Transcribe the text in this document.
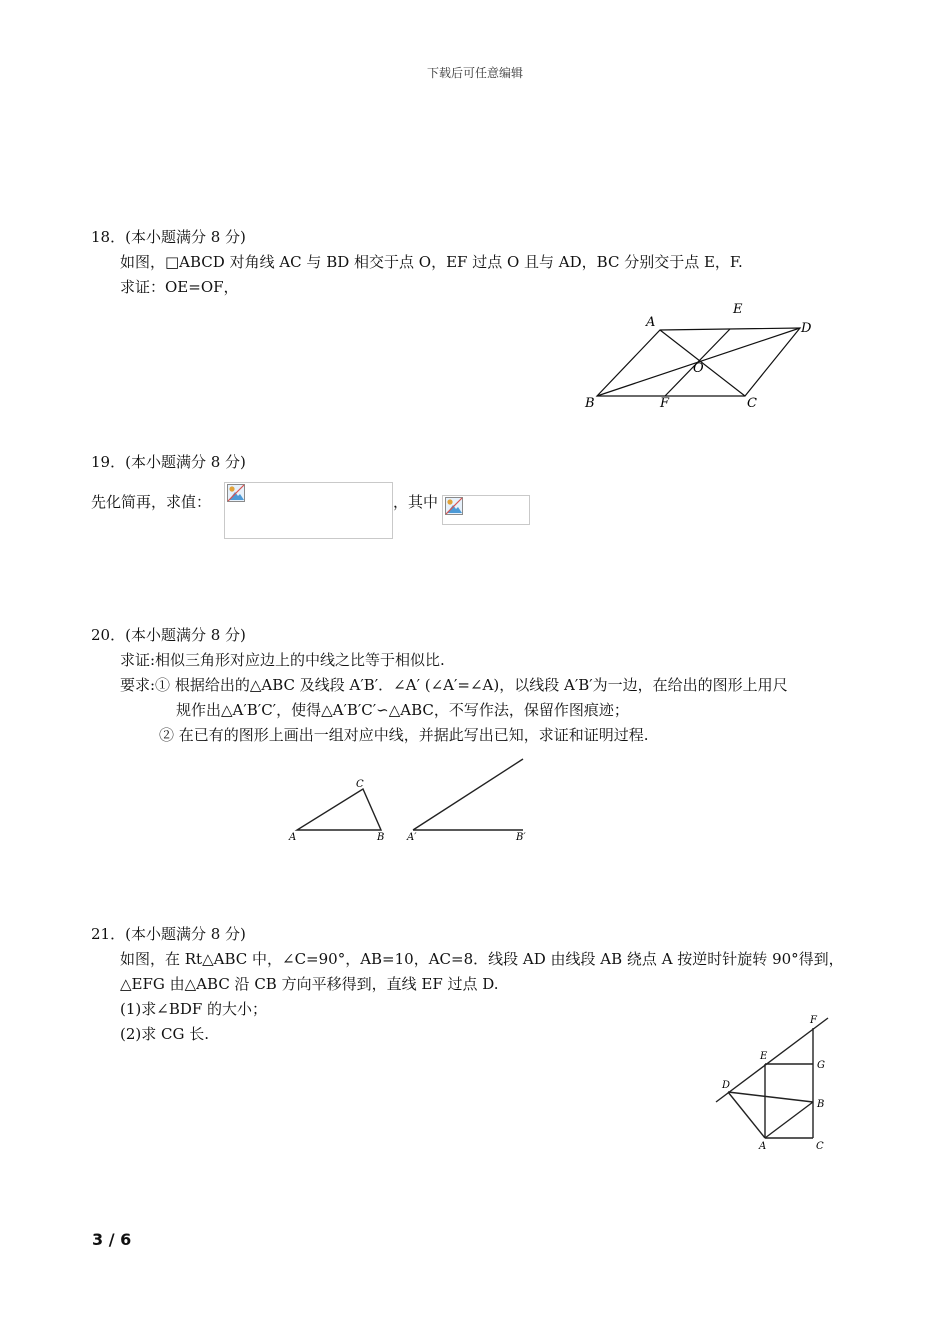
下载后可任意编辑
18．(本小题满分 8 分)
如图，□ABCD 对角线 AC 与 BD 相交于点 O，EF 过点 O 且与 AD，BC 分别交于点 E，F.
求证：OE=OF，
A
E
D
O
B	F	C
19．(本小题满分 8 分)
先化简再，求值：	，其中
20．(本小题满分 8 分)
求证:相似三角形对应边上的中线之比等于相似比.
要求:① 根据给出的△ABC 及线段 A′B′．∠A′ (∠A′=∠A)，以线段 A′B′为一边，在给出的图形上用尺
规作出△A′B′C′，使得△A′B′C′∽△ABC，不写作法，保留作图痕迹；
② 在已有的图形上画出一组对应中线，并据此写出已知，求证和证明过程.
A	B
C
A′	B′
21．(本小题满分 8 分)
如图，在 Rt△ABC 中，∠C=90°，AB=10，AC=8．线段 AD 由线段 AB 绕点 A 按逆时针旋转 90°得到，
△EFG 由△ABC 沿 CB 方向平移得到，直线 EF 过点 D.
(1)求∠BDF 的大小；
(2)求 CG 长.
F
E
G
D
B
A	C
3 / 6
